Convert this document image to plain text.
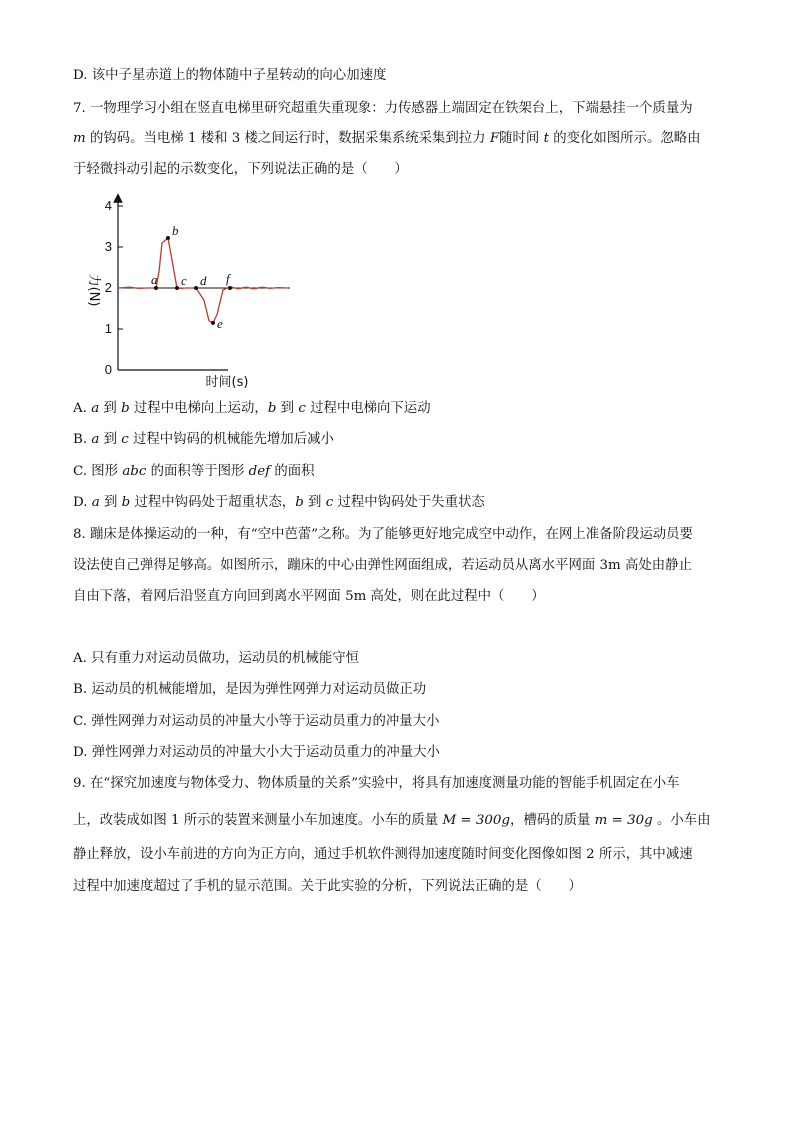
D. 该中子星赤道上的物体随中子星转动的向心加速度
7. 一物理学习小组在竖直电梯里研究超重失重现象：力传感器上端固定在铁架台上，下端悬挂一个质量为
m 的钩码。当电梯 1 楼和 3 楼之间运行时，数据采集系统采集到拉力 F随时间 t 的变化如图所示。忽略由
于轻微抖动引起的示数变化，下列说法正确的是（　　）
0
1
2
3
4
a
b
c d
e
f
力(N)
时间(s)
A. a 到 b 过程中电梯向上运动，b 到 c 过程中电梯向下运动
B. a 到 c 过程中钩码的机械能先增加后减小
C. 图形 abc 的面积等于图形 def 的面积
D. a 到 b 过程中钩码处于超重状态，b 到 c 过程中钩码处于失重状态
8. 蹦床是体操运动的一种，有“空中芭蕾”之称。为了能够更好地完成空中动作，在网上准备阶段运动员要
设法使自己弹得足够高。如图所示，蹦床的中心由弹性网面组成，若运动员从离水平网面 3m 高处由静止
自由下落，着网后沿竖直方向回到离水平网面 5m 高处，则在此过程中（　　）
A. 只有重力对运动员做功，运动员的机械能守恒
B. 运动员的机械能增加，是因为弹性网弹力对运动员做正功
C. 弹性网弹力对运动员的冲量大小等于运动员重力的冲量大小
D. 弹性网弹力对运动员的冲量大小大于运动员重力的冲量大小
9. 在“探究加速度与物体受力、物体质量的关系”实验中，将具有加速度测量功能的智能手机固定在小车
上，改装成如图 1 所示的装置来测量小车加速度。小车的质量 M = 300g，槽码的质量 m = 30g 。小车由
静止释放，设小车前进的方向为正方向，通过手机软件测得加速度随时间变化图像如图 2 所示，其中减速
过程中加速度超过了手机的显示范围。关于此实验的分析，下列说法正确的是（　　）
